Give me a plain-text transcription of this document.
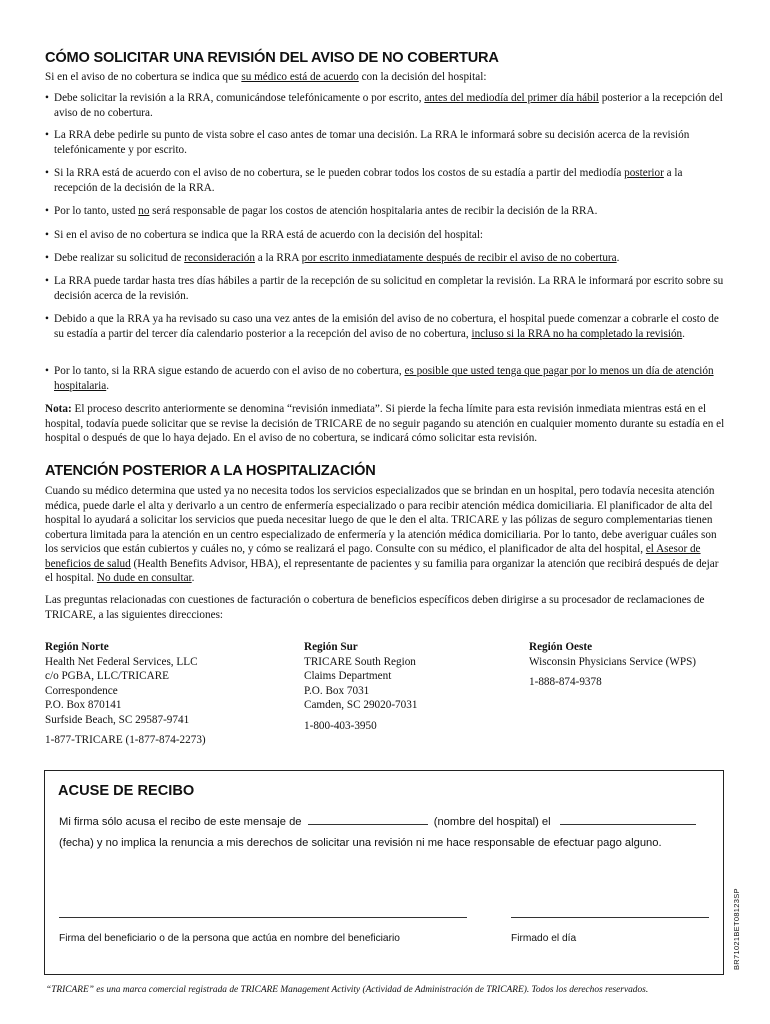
CÓMO SOLICITAR UNA REVISIÓN DEL AVISO DE NO COBERTURA
Si en el aviso de no cobertura se indica que su médico está de acuerdo con la decisión del hospital:
• Debe solicitar la revisión a la RRA, comunicándose telefónicamente o por escrito, antes del mediodía del primer día hábil posterior a la recepción del aviso de no cobertura.
• La RRA debe pedirle su punto de vista sobre el caso antes de tomar una decisión. La RRA le informará sobre su decisión acerca de la revisión telefónicamente y por escrito.
• Si la RRA está de acuerdo con el aviso de no cobertura, se le pueden cobrar todos los costos de su estadía a partir del mediodía posterior a la recepción de la decisión de la RRA.
• Por lo tanto, usted no será responsable de pagar los costos de atención hospitalaria antes de recibir la decisión de la RRA.
• Si en el aviso de no cobertura se indica que la RRA está de acuerdo con la decisión del hospital:
• Debe realizar su solicitud de reconsideración a la RRA por escrito inmediatamente después de recibir el aviso de no cobertura.
• La RRA puede tardar hasta tres días hábiles a partir de la recepción de su solicitud en completar la revisión. La RRA le informará por escrito sobre su decisión acerca de la revisión.
• Debido a que la RRA ya ha revisado su caso una vez antes de la emisión del aviso de no cobertura, el hospital puede comenzar a cobrarle el costo de su estadía a partir del tercer día calendario posterior a la recepción del aviso de no cobertura, incluso si la RRA no ha completado la revisión.
• Por lo tanto, si la RRA sigue estando de acuerdo con el aviso de no cobertura, es posible que usted tenga que pagar por lo menos un día de atención hospitalaria.
Nota: El proceso descrito anteriormente se denomina “revisión inmediata”. Si pierde la fecha límite para esta revisión inmediata mientras está en el hospital, todavía puede solicitar que se revise la decisión de TRICARE de no seguir pagando su atención en cualquier momento durante su estadía en el hospital o después de que lo haya dejado. En el aviso de no cobertura, se indicará cómo solicitar esta revisión.
ATENCIÓN POSTERIOR A LA HOSPITALIZACIÓN
Cuando su médico determina que usted ya no necesita todos los servicios especializados que se brindan en un hospital, pero todavía necesita atención médica, puede darle el alta y derivarlo a un centro de enfermería especializado o para recibir atención médica domiciliaria. El planificador de alta del hospital lo ayudará a solicitar los servicios que pueda necesitar luego de que le den el alta. TRICARE y las pólizas de seguro complementarias tienen cobertura limitada para la atención en un centro especializado de enfermería y la atención médica domiciliaria. Por lo tanto, debe averiguar cuáles son los servicios que están cubiertos y cuáles no, y cómo se realizará el pago. Consulte con su médico, el planificador de alta del hospital, el Asesor de beneficios de salud (Health Benefits Advisor, HBA), el representante de pacientes y su familia para organizar la atención que recibirá después de dejar el hospital. No dude en consultar.
Las preguntas relacionadas con cuestiones de facturación o cobertura de beneficios específicos deben dirigirse a su procesador de reclamaciones de TRICARE, a las siguientes direcciones:
Región Norte
Health Net Federal Services, LLC
c/o PGBA, LLC/TRICARE
Correspondence
P.O. Box 870141
Surfside Beach, SC 29587-9741
1-877-TRICARE (1-877-874-2273)
Región Sur
TRICARE South Region
Claims Department
P.O. Box 7031
Camden, SC 29020-7031
1-800-403-3950
Región Oeste
Wisconsin Physicians Service (WPS)
1-888-874-9378
ACUSE DE RECIBO
Mi firma sólo acusa el recibo de este mensaje de	(nombre del hospital) el
(fecha) y no implica la renuncia a mis derechos de solicitar una revisión ni me hace responsable de efectuar pago alguno.
Firma del beneficiario o de la persona que actúa en nombre del beneficiario	Firmado el día	BR71021BET08123SP
“TRICARE” es una marca comercial registrada de TRICARE Management Activity (Actividad de Administración de TRICARE). Todos los derechos reservados.
